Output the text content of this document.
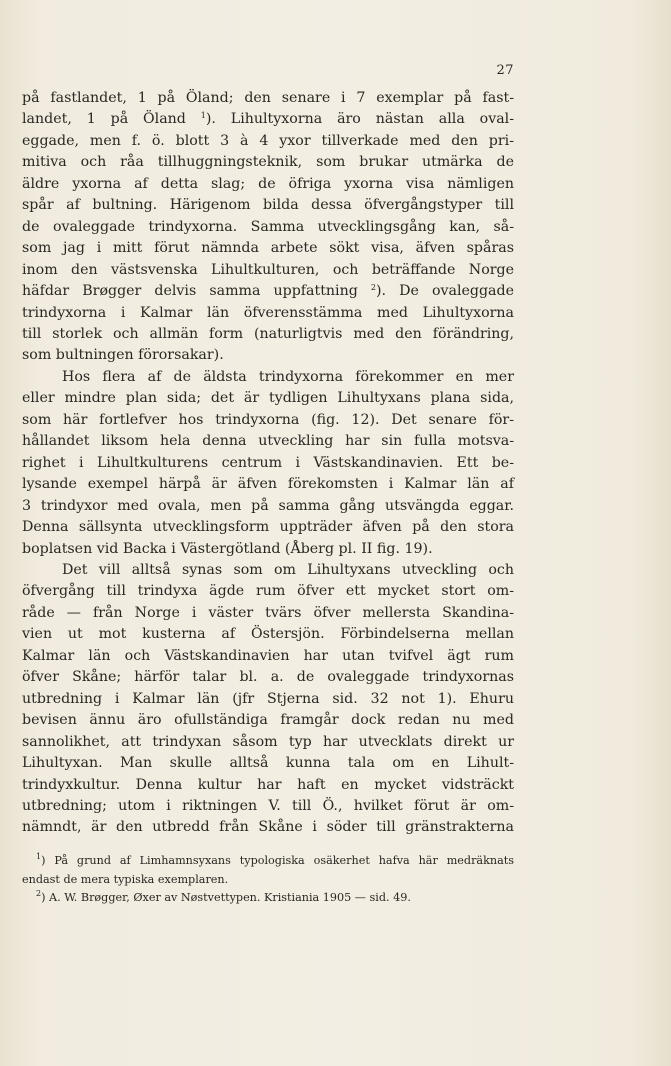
27
på fastlandet, 1 på Öland; den senare i 7 exemplar på fast-
landet, 1 på Öland $^1$). Lihultyxorna äro nästan alla oval-
eggade, men f. ö. blott 3 à 4 yxor tillverkade med den pri-
mitiva och råa tillhuggningsteknik, som brukar utmärka de
äldre yxorna af detta slag; de öfriga yxorna visa nämligen
spår af bultning. Härigenom bilda dessa öfvergångstyper till
de ovaleggade trindyxorna. Samma utvecklingsgång kan, så-
som jag i mitt förut nämnda arbete sökt visa, äfven spåras
inom den västsvenska Lihultkulturen, och beträffande Norge
häfdar Brøgger delvis samma uppfattning $^2$). De ovaleggade
trindyxorna i Kalmar län öfverensstämma med Lihultyxorna
till storlek och allmän form (naturligtvis med den förändring,
som bultningen förorsakar).
Hos flera af de äldsta trindyxorna förekommer en mer
eller mindre plan sida; det är tydligen Lihultyxans plana sida,
som här fortlefver hos trindyxorna (fig. 12). Det senare för-
hållandet liksom hela denna utveckling har sin fulla motsva-
righet i Lihultkulturens centrum i Västskandinavien. Ett be-
lysande exempel härpå är äfven förekomsten i Kalmar län af
3 trindyxor med ovala, men på samma gång utsvängda eggar.
Denna sällsynta utvecklingsform uppträder äfven på den stora
boplatsen vid Backa i Västergötland (Åberg pl. II fig. 19).
Det vill alltså synas som om Lihultyxans utveckling och
öfvergång till trindyxa ägde rum öfver ett mycket stort om-
råde — från Norge i väster tvärs öfver mellersta Skandina-
vien ut mot kusterna af Östersjön. Förbindelserna mellan
Kalmar län och Västskandinavien har utan tvifvel ägt rum
öfver Skåne; härför talar bl. a. de ovaleggade trindyxornas
utbredning i Kalmar län (jfr Stjerna sid. 32 not 1). Ehuru
bevisen ännu äro ofullständiga framgår dock redan nu med
sannolikhet, att trindyxan såsom typ har utvecklats direkt ur
Lihultyxan. Man skulle alltså kunna tala om en Lihult-
trindyxkultur. Denna kultur har haft en mycket vidsträckt
utbredning; utom i riktningen V. till Ö., hvilket förut är om-
nämndt, är den utbredd från Skåne i söder till gränstrakterna
$^1$) På grund af Limhamnsyxans typologiska osäkerhet hafva här medräknats
endast de mera typiska exemplaren.
$^2$) A. W. Brøgger, Øxer av Nøstvettypen. Kristiania 1905 — sid. 49.
